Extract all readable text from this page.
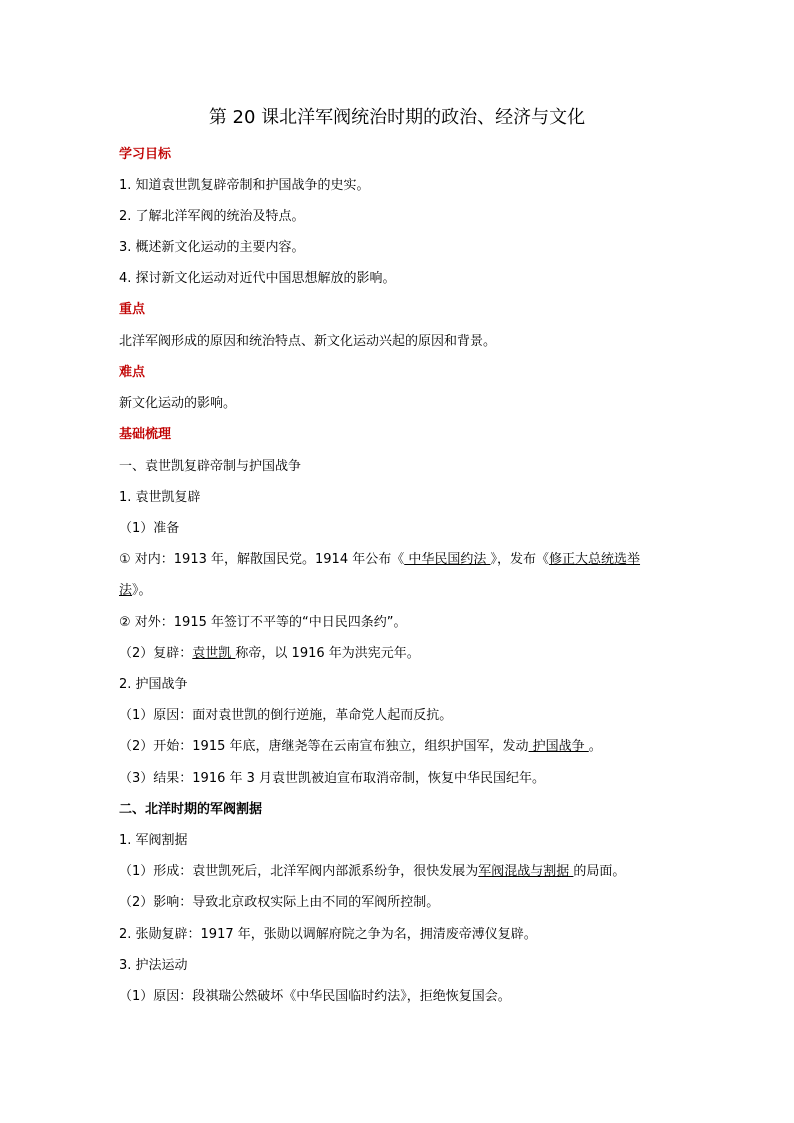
第 20 课北洋军阀统治时期的政治、经济与文化
学习目标
1. 知道袁世凯复辟帝制和护国战争的史实。
2. 了解北洋军阀的统治及特点。
3. 概述新文化运动的主要内容。
4. 探讨新文化运动对近代中国思想解放的影响。
重点
北洋军阀形成的原因和统治特点、新文化运动兴起的原因和背景。
难点
新文化运动的影响。
基础梳理
一、袁世凯复辟帝制与护国战争
1. 袁世凯复辟
（1）准备
① 对内：1913 年，解散国民党。1914 年公布《 中华民国约法 》，发布《修正大总统选举
法》。
② 对外：1915 年签订不平等的“中日民四条约”。
（2）复辟：袁世凯 称帝，以 1916 年为洪宪元年。
2. 护国战争
（1）原因：面对袁世凯的倒行逆施，革命党人起而反抗。
（2）开始：1915 年底，唐继尧等在云南宣布独立，组织护国军，发动 护国战争 。
（3）结果：1916 年 3 月袁世凯被迫宣布取消帝制，恢复中华民国纪年。
二、北洋时期的军阀割据
1. 军阀割据
（1）形成：袁世凯死后，北洋军阀内部派系纷争，很快发展为军阀混战与割据 的局面。
（2）影响：导致北京政权实际上由不同的军阀所控制。
2. 张勋复辟：1917 年，张勋以调解府院之争为名，拥清废帝溥仪复辟。
3. 护法运动
（1）原因：段祺瑞公然破坏《中华民国临时约法》，拒绝恢复国会。
